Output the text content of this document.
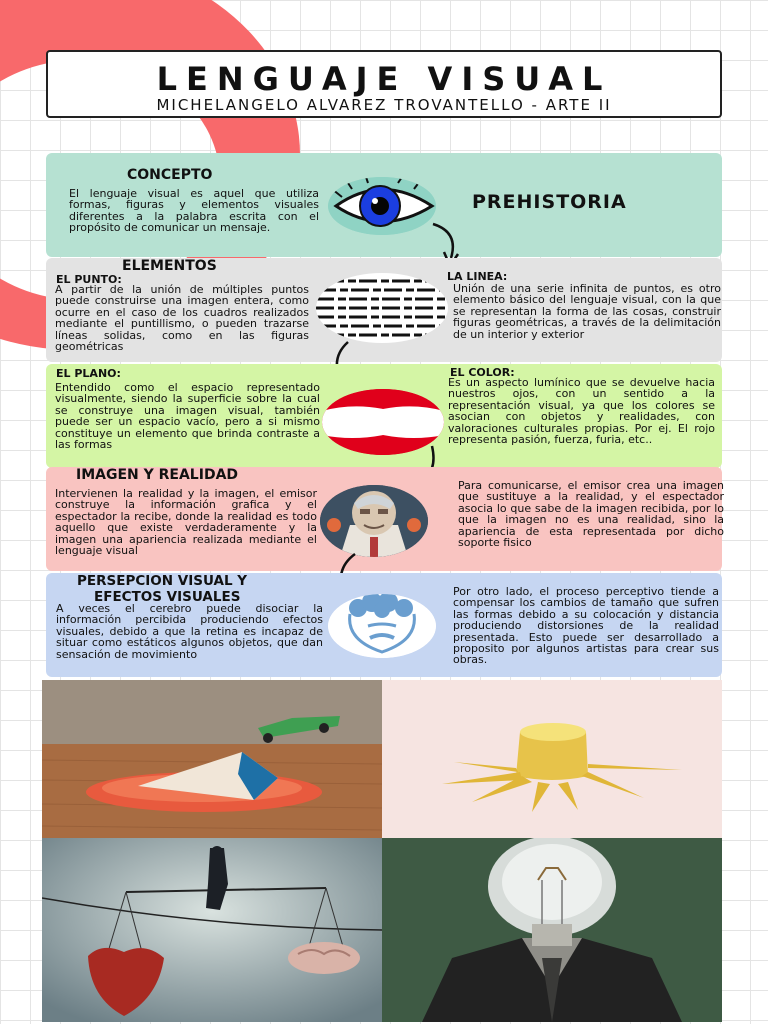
LENGUAJE VISUAL
MICHELANGELO ALVAREZ TROVANTELLO - ARTE II
CONCEPTO
El lenguaje visual es aquel que utiliza formas, figuras y elementos visuales diferentes a la palabra escrita con el propósito de comunicar un mensaje.
PREHISTORIA
ELEMENTOS
EL PUNTO:
A partir de la unión de múltiples puntos puede construirse una imagen entera, como ocurre en el caso de los cuadros realizados mediante el puntillismo, o pueden trazarse líneas solidas, como en las figuras geométricas
LA LINEA:
Unión de una serie infinita de puntos, es otro elemento básico del lenguaje visual, con la que se representan la forma de las cosas, construir figuras geométricas, a través de la delimitación de un interior y exterior
EL PLANO:
Entendido como el espacio representado visualmente, siendo la superficie sobre la cual se construye una imagen visual, también puede ser un espacio vacío, pero a si mismo constituye un elemento que brinda contraste a las formas
EL COLOR:
Es un aspecto lumínico que se devuelve hacia nuestros ojos, con un sentido a la representación visual, ya que los colores se asocian con objetos y realidades, con valoraciones culturales propias. Por ej. El rojo representa pasión, fuerza, furia, etc..
IMAGEN Y REALIDAD
Intervienen la realidad y la imagen, el emisor construye la información grafica y el espectador la recibe, donde la realidad es todo aquello que existe verdaderamente y la imagen una apariencia realizada mediante el lenguaje visual
Para comunicarse, el emisor crea una imagen que sustituye a la realidad, y el espectador asocia lo que sabe de la imagen recibida, por lo que la imagen no es una realidad, sino la apariencia de esta representada por dicho soporte fisico
PERSEPCION VISUAL Y
EFECTOS VISUALES
A veces el cerebro puede disociar la información percibida produciendo efectos visuales, debido a que la retina es incapaz de situar como estáticos algunos objetos, que dan sensación de movimiento
Por otro lado, el proceso perceptivo tiende a compensar los cambios de tamaño que sufren las formas debido a su colocación y distancia produciendo distorsiones de la realidad presentada. Esto puede ser desarrollado a proposito por algunos artistas para crear sus obras.
